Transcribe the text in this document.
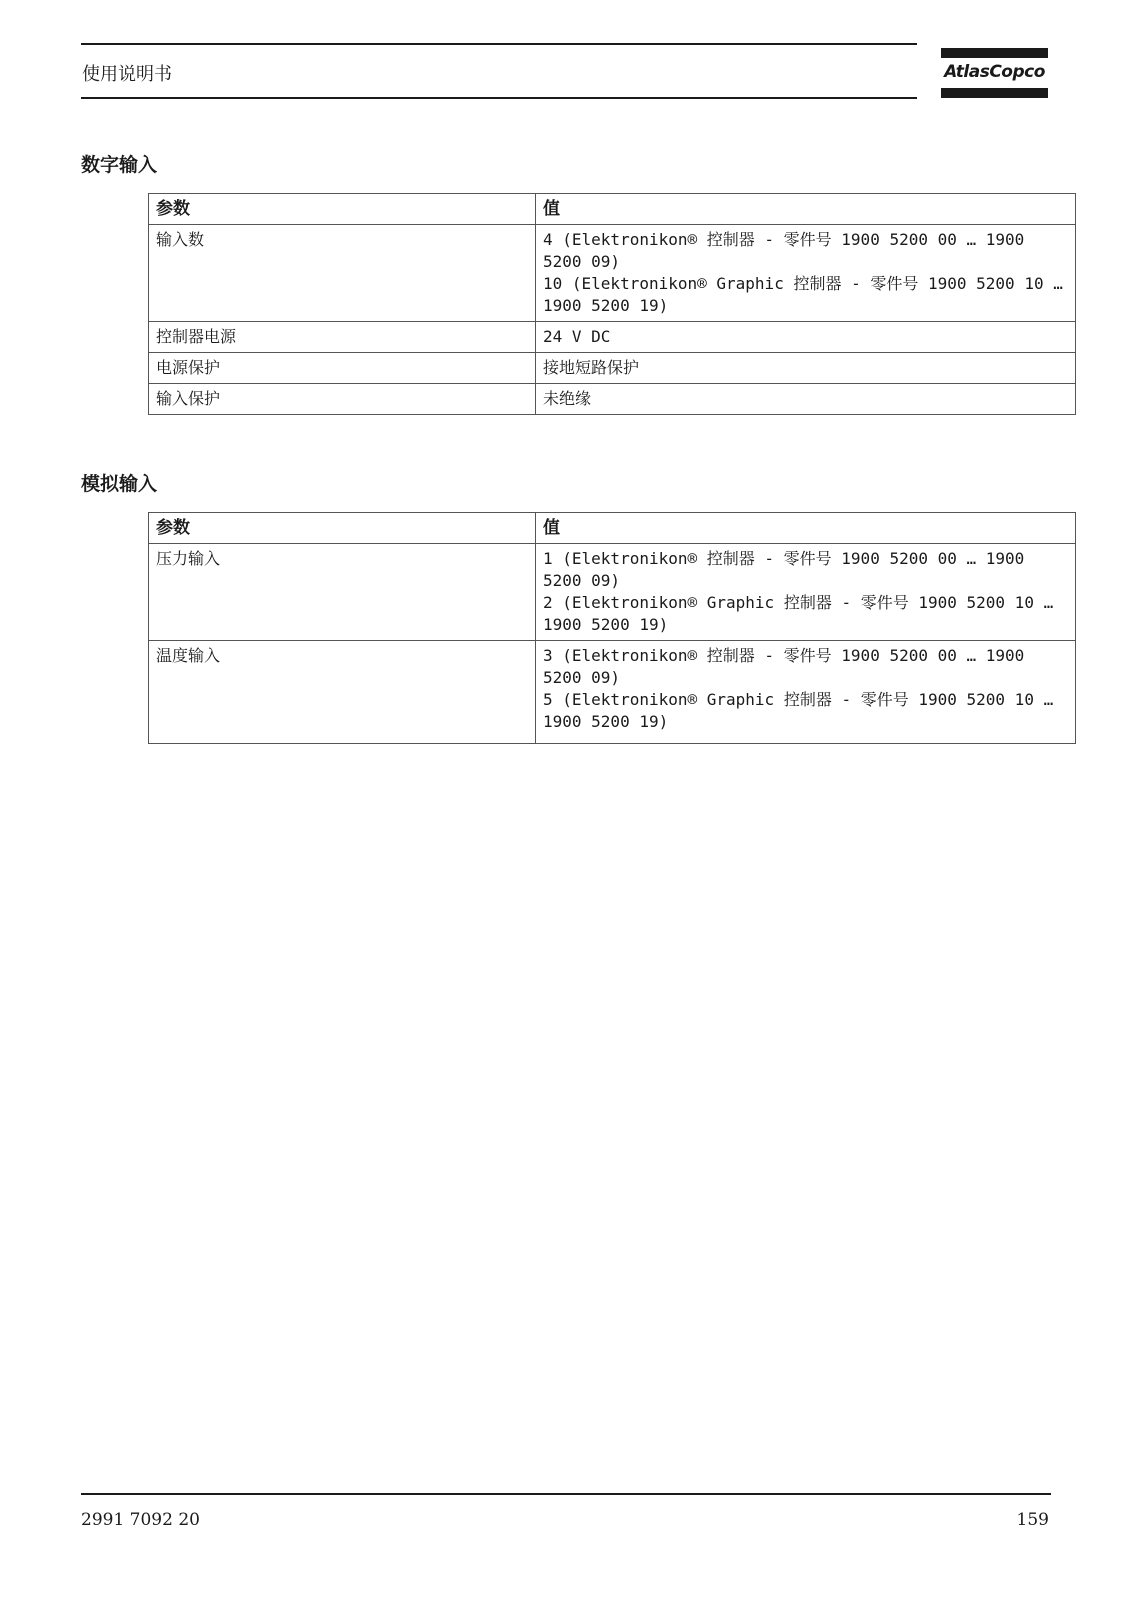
使用说明书	AtlasCopco
数字输入
参数	值
输入数	4 (Elektronikon® 控制器 - 零件号 1900 5200 00 … 1900 5200 09)
10 (Elektronikon® Graphic 控制器 - 零件号 1900 5200 10 … 1900 5200 19)

控制器电源	24 V DC
电源保护	接地短路保护
输入保护	未绝缘
模拟输入
参数	值
压力输入	1 (Elektronikon® 控制器 - 零件号 1900 5200 00 … 1900 5200 09)
2 (Elektronikon® Graphic 控制器 - 零件号 1900 5200 10 … 1900 5200 19)

温度输入	3 (Elektronikon® 控制器 - 零件号 1900 5200 00 … 1900 5200 09)
5 (Elektronikon® Graphic 控制器 - 零件号 1900 5200 10 … 1900 5200 19)
2991 7092 20	159
